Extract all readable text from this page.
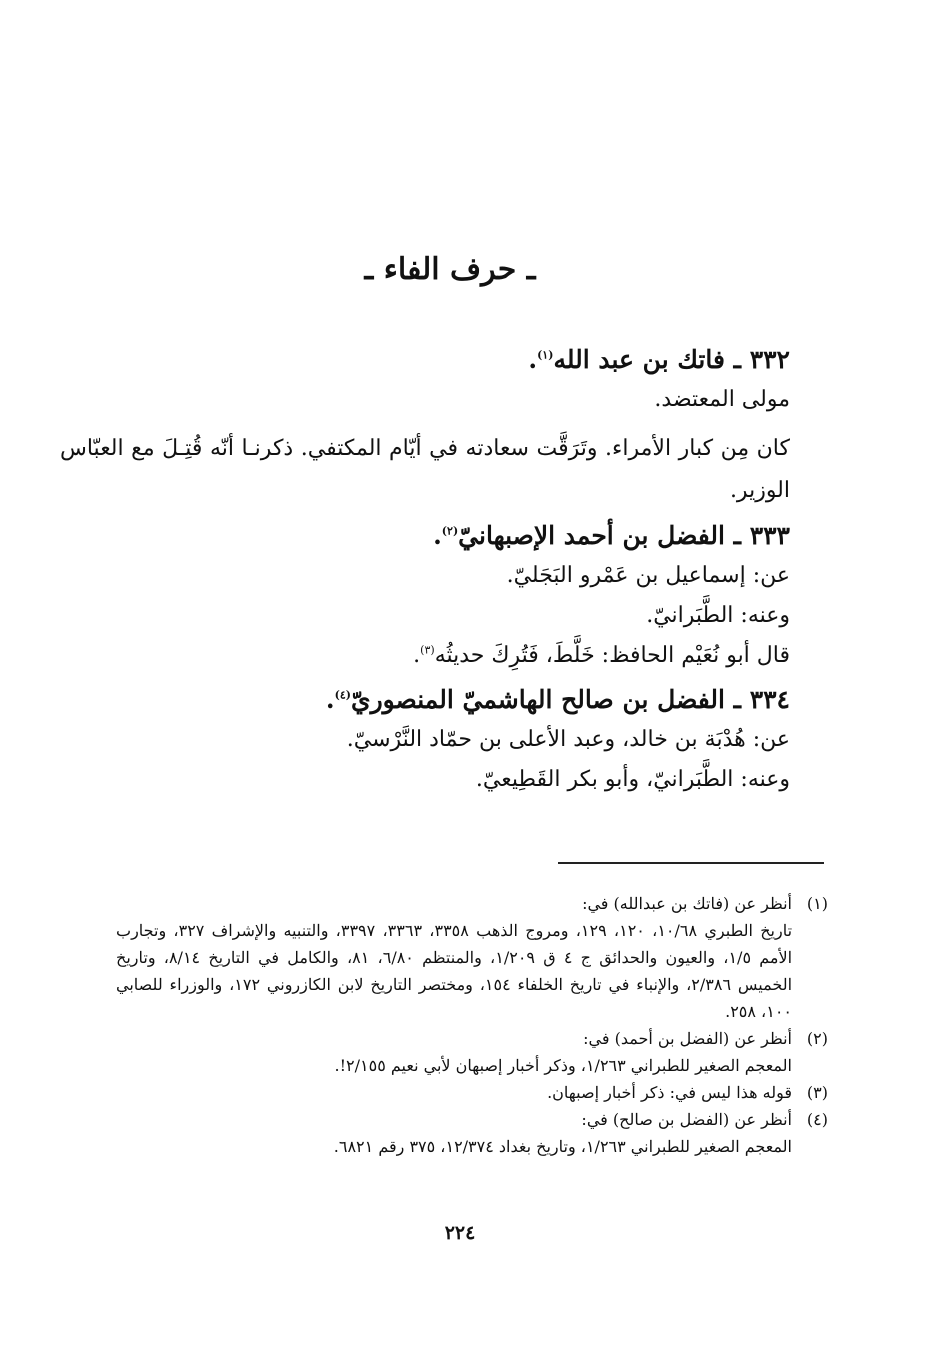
ـ حرف الفاء ـ
٣٣٢ ـ فاتك بن عبد الله$^{(١)}$.

مولى المعتضد.

كان مِن كبار الأمراء. وتَرَقَّت سعادته في أيّام المكتفي. ذكرنـا أنّه قُتِـلَ مع العبّاس الوزير.

٣٣٣ ـ الفضل بن أحمد الإصبهانيّ$^{(٢)}$.

عن: إسماعيل بن عَمْرو البَجَليّ.

وعنه: الطَّبَرانيّ.

قال أبو نُعَيْم الحافظ: خَلَّطَ، فَتُرِكَ حديثُه$^{(٣)}$.

٣٣٤ ـ الفضل بن صالح الهاشميّ المنصوريّ$^{(٤)}$.

عن: هُدْبَة بن خالد، وعبد الأعلى بن حمّاد النَّرْسيّ.

وعنه: الطَّبَرانيّ، وأبو بكر القَطِيعيّ.

(١)
أنظر عن (فاتك بن عبدالله) في:
تاريخ الطبري ١٠/٦٨، ١٢٠، ١٢٩، ومروج الذهب ٣٣٥٨، ٣٣٦٣، ٣٣٩٧، والتنبيه والإشراف ٣٢٧، وتجارب الأمم ١/٥، والعيون والحدائق ج ٤ ق ١/٢٠٩، والمنتظم ٦/٨٠، ٨١، والكامل في التاريخ ٨/١٤، وتاريخ الخميس ٢/٣٨٦، والإنباء في تاريخ الخلفاء ١٥٤، ومختصر التاريخ لابن الكازروني ١٧٢، والوزراء للصابي ١٠٠، ٢٥٨.
(٢)
أنظر عن (الفضل بن أحمد) في:
المعجم الصغير للطبراني ١/٢٦٣، وذكر أخبار إصبهان لأبي نعيم ٢/١٥٥!.
(٣)
قوله هذا ليس في: ذكر أخبار إصبهان.
(٤)
أنظر عن (الفضل بن صالح) في:
المعجم الصغير للطبراني ١/٢٦٣، وتاريخ بغداد ١٢/٣٧٤، ٣٧٥ رقم ٦٨٢١.
٢٢٤
